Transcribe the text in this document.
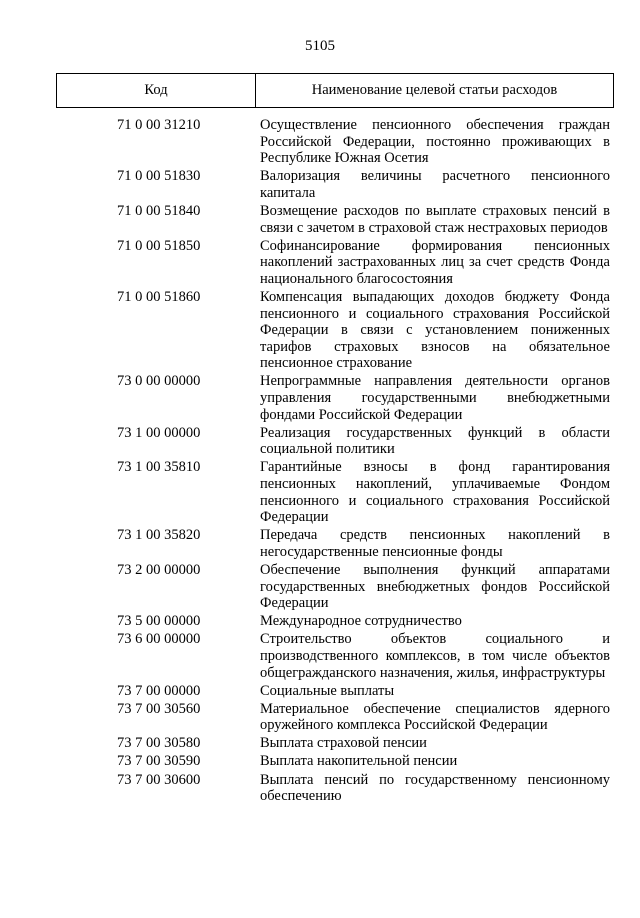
5105
Код	Наименование целевой статьи расходов
71 0 00 31210	Осуществление пенсионного обеспечения граждан Российской Федерации, постоянно проживающих в Республике Южная Осетия
71 0 00 51830	Валоризация величины расчетного пенсионного капитала
71 0 00 51840	Возмещение расходов по выплате страховых пенсий в связи с зачетом в страховой стаж нестраховых периодов
71 0 00 51850	Софинансирование формирования пенсионных накоплений застрахованных лиц за счет средств Фонда национального благосостояния
71 0 00 51860	Компенсация выпадающих доходов бюджету Фонда пенсионного и социального страхования Российской Федерации в связи с установлением пониженных тарифов страховых взносов на обязательное пенсионное страхование
73 0 00 00000	Непрограммные направления деятельности органов управления государственными внебюджетными фондами Российской Федерации
73 1 00 00000	Реализация государственных функций в области социальной политики
73 1 00 35810	Гарантийные взносы в фонд гарантирования пенсионных накоплений, уплачиваемые Фондом пенсионного и социального страхования Российской Федерации
73 1 00 35820	Передача средств пенсионных накоплений в негосударственные пенсионные фонды
73 2 00 00000	Обеспечение выполнения функций аппаратами государственных внебюджетных фондов Российской Федерации
73 5 00 00000	Международное сотрудничество
73 6 00 00000	Строительство объектов социального и производственного комплексов, в том числе объектов общегражданского назначения, жилья, инфраструктуры
73 7 00 00000	Социальные выплаты
73 7 00 30560	Материальное обеспечение специалистов ядерного оружейного комплекса Российской Федерации
73 7 00 30580	Выплата страховой пенсии
73 7 00 30590	Выплата накопительной пенсии
73 7 00 30600	Выплата пенсий по государственному пенсионному обеспечению
